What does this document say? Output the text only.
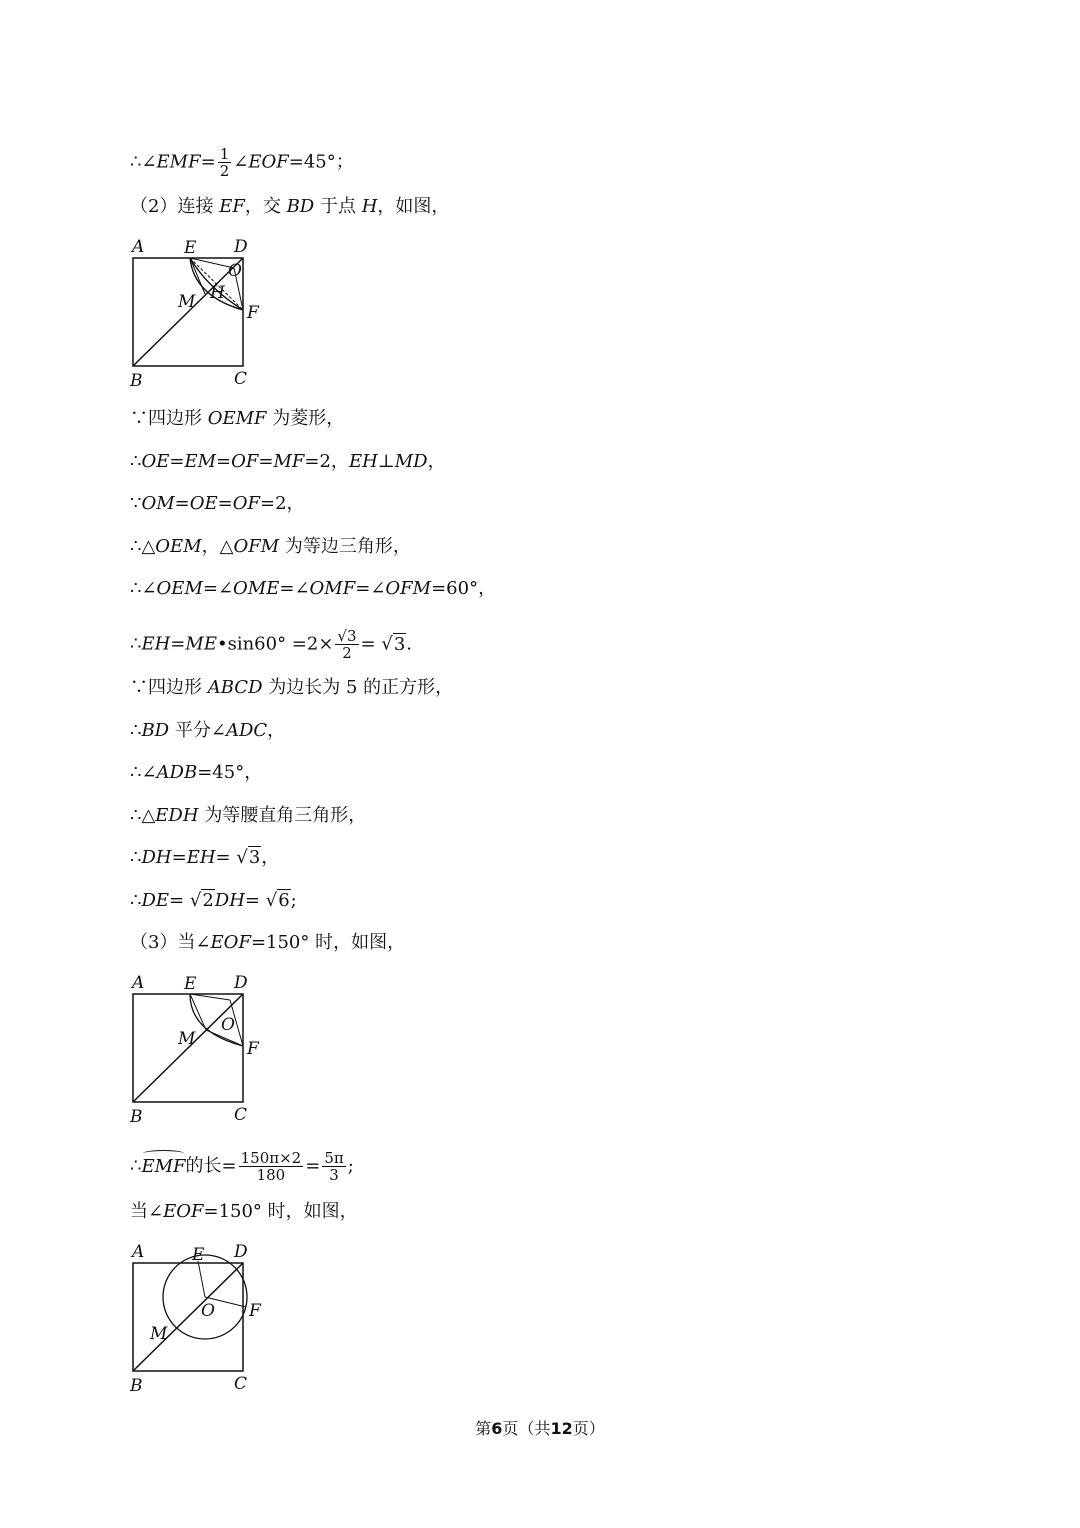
∴∠EMF= $\frac{1}{2}$ ∠EOF=45°；
（2）连接 EF，交 BD 于点 H，如图，
A E D
O
H
M
F
B	C
∵四边形 OEMF 为菱形，
∴OE=EM=OF=MF=2，EH⊥MD，
∵OM=OE=OF=2，
∴△OEM，△OFM 为等边三角形，
∴∠OEM=∠OME=∠OMF=∠OFM=60°，
∴EH=ME•sin60° $=2\times \frac{√3}{2} = √3$.
∵四边形 ABCD 为边长为 5 的正方形，
∴BD 平分∠ADC，
∴∠ADB=45°，
∴△EDH 为等腰直角三角形，
∴DH=EH= √3，
∴DE= √2DH= √6;
（3）当∠EOF=150° 时，如图，
A E D
O
M	F
B	C
∴EMF的长= $\frac{150\pi\times 2}{180} = \frac{5\pi}{3}$ ;
当∠EOF=150° 时，如图，
A	E D
O
M
F
B	C
第6页（共12页）
